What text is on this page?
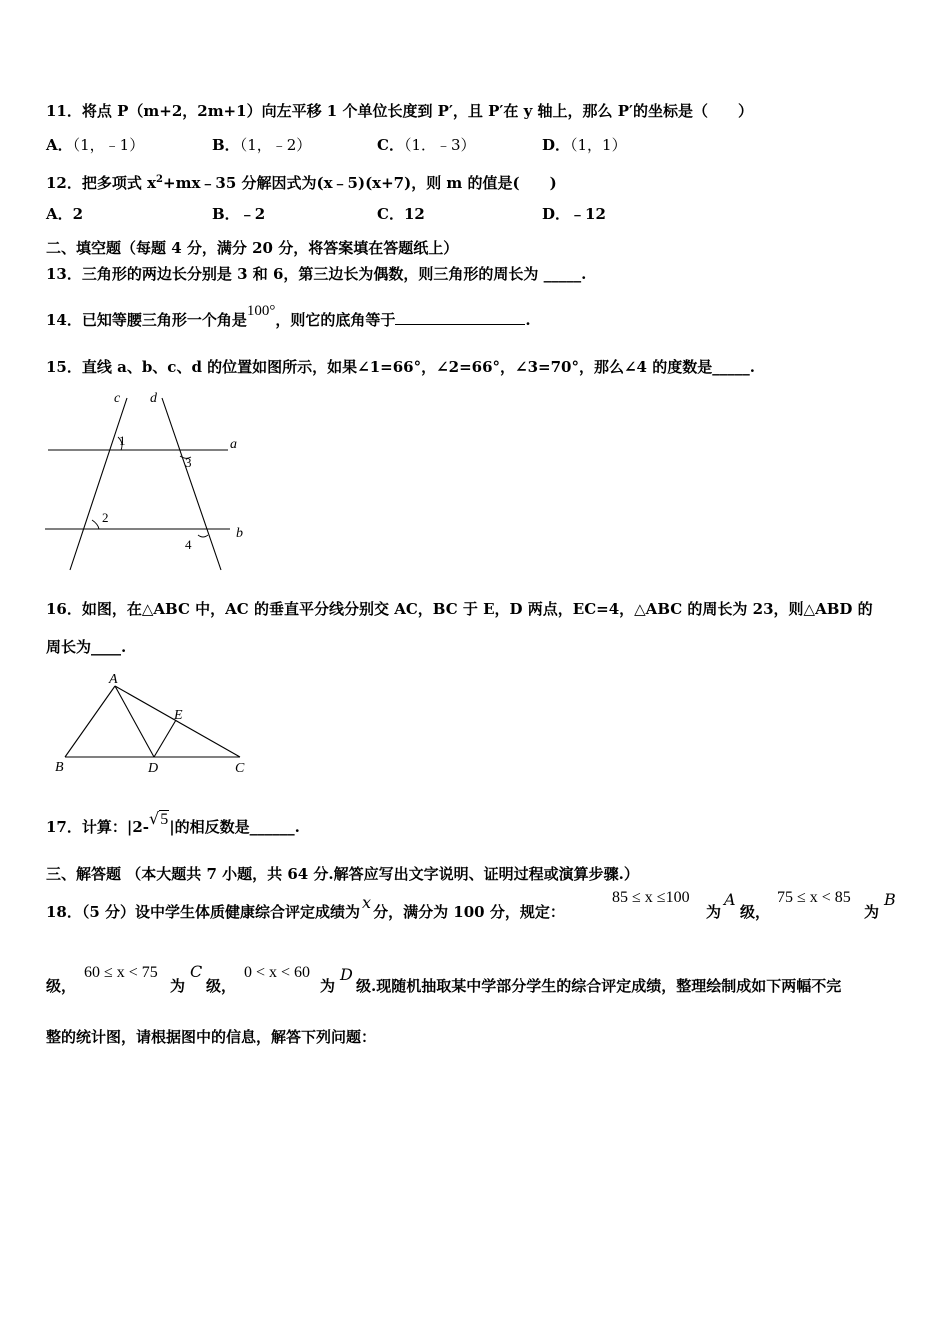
11．将点 P（m+2，2m+1）向左平移 1 个单位长度到 P′，且 P′在 y 轴上，那么 P′的坐标是（　　）
A．（1，﹣1）	B．（1，﹣2）	C．（1．﹣3）	D．（1，1）
12．把多项式 $x^2+mx﹣35$ 分解因式为(x﹣5)(x+7)，则 m 的值是(　　)
A．2	B．﹣2	C．12	D．﹣12
二、填空题（每题 4 分，满分 20 分，将答案填在答题纸上）
13．三角形的两边长分别是 3 和 6，第三边长为偶数，则三角形的周长为 _____.
14．已知等腰三角形一个角是100°，则它的底角等于	.
15．直线 a、b、c、d 的位置如图所示，如果∠1=66°，∠2=66°，∠3=70°，那么∠4 的度数是_____.
c d
a
b
1
2
3
4
16．如图，在△ABC 中，AC 的垂直平分线分别交 AC，BC 于 E，D 两点，EC=4，△ABC 的周长为 23，则△ABD 的
周长为____.
A
B	C
D
E
17．计算：|2-√5|的相反数是______.
三、解答题 （本大题共 7 小题，共 64 分.解答应写出文字说明、证明过程或演算步骤.）
18．（5 分）设中学生体质健康综合评定成绩为 x 分，满分为 100 分，规定：
85 ≤ x ≤100
为
A
级，
75 ≤ x < 85
为
B
级，
60 ≤ x < 75
为
C
级，
0 < x < 60
为
D
级.现随机抽取某中学部分学生的综合评定成绩，整理绘制成如下两幅不完
整的统计图，请根据图中的信息，解答下列问题：
